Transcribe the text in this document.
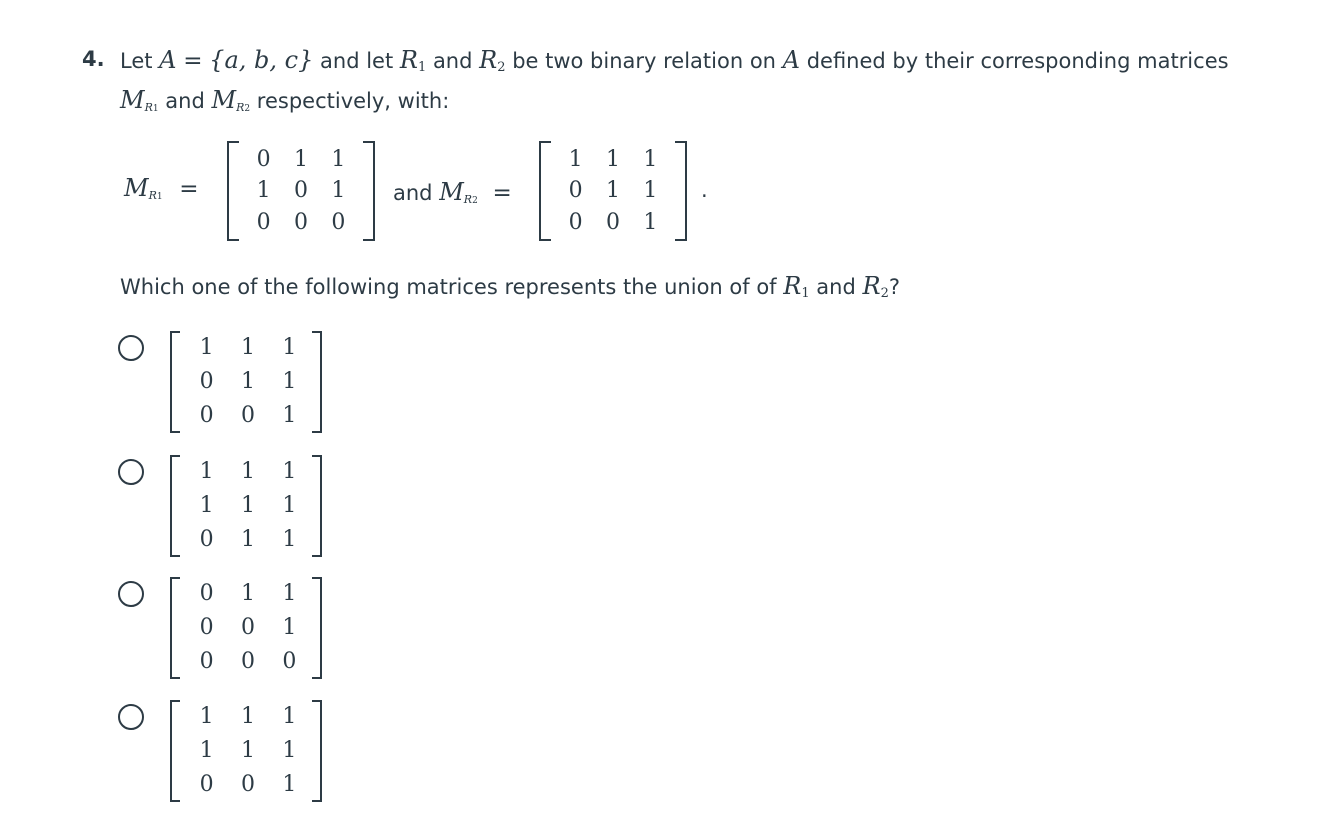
4. Let A = {a, b, c} and let $R_1$ and $R_2$ be two binary relation on A defined by their corresponding matrices
$M_{R1}$ and $M_{R2}$ respectively, with:
$M_{R1}$ =
0	1	1
1	0	1
0	0	0
and $M_{R2}$ =
1	1	1
0	1	1
0	0	1
.
Which one of the following matrices represents the union of of $R_1$ and $R_2$?
1	1	1
0	1	1
0	0	1
1	1	1
1	1	1
0	1	1
0	1	1
0	0	1
0	0	0
1	1	1
1	1	1
0	0	1
